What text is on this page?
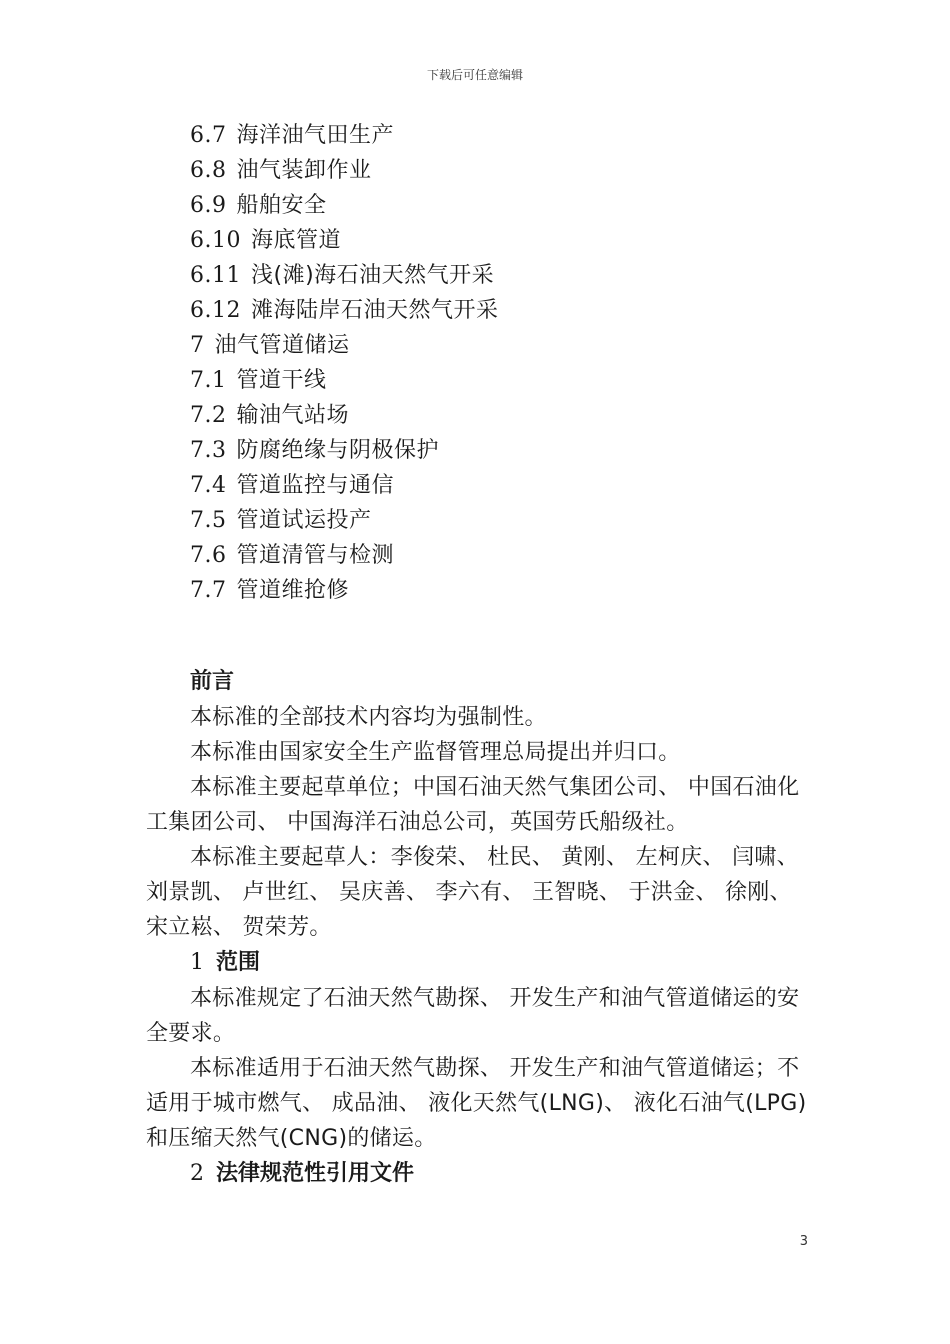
下载后可任意编辑
6.7 海洋油气田生产
6.8 油气装卸作业
6.9 船舶安全
6.10 海底管道
6.11 浅(滩)海石油天然气开采
6.12 滩海陆岸石油天然气开采
7 油气管道储运
7.1 管道干线
7.2 输油气站场
7.3 防腐绝缘与阴极保护
7.4 管道监控与通信
7.5 管道试运投产
7.6 管道清管与检测
7.7 管道维抢修
前言
本标准的全部技术内容均为强制性。
本标准由国家安全生产监督管理总局提出并归口。
本标准主要起草单位；中国石油天然气集团公司、 中国石油化工集团公司、 中国海洋石油总公司，英国劳氏船级社。
本标准主要起草人：李俊荣、 杜民、 黄刚、 左柯庆、 闫啸、 刘景凯、 卢世红、 吴庆善、 李六有、 王智晓、 于洪金、 徐刚、 宋立崧、 贺荣芳。
1 范围
本标准规定了石油天然气勘探、 开发生产和油气管道储运的安全要求。
本标准适用于石油天然气勘探、 开发生产和油气管道储运；不适用于城市燃气、 成品油、 液化天然气(LNG)、 液化石油气(LPG)和压缩天然气(CNG)的储运。
2 法律规范性引用文件
3
